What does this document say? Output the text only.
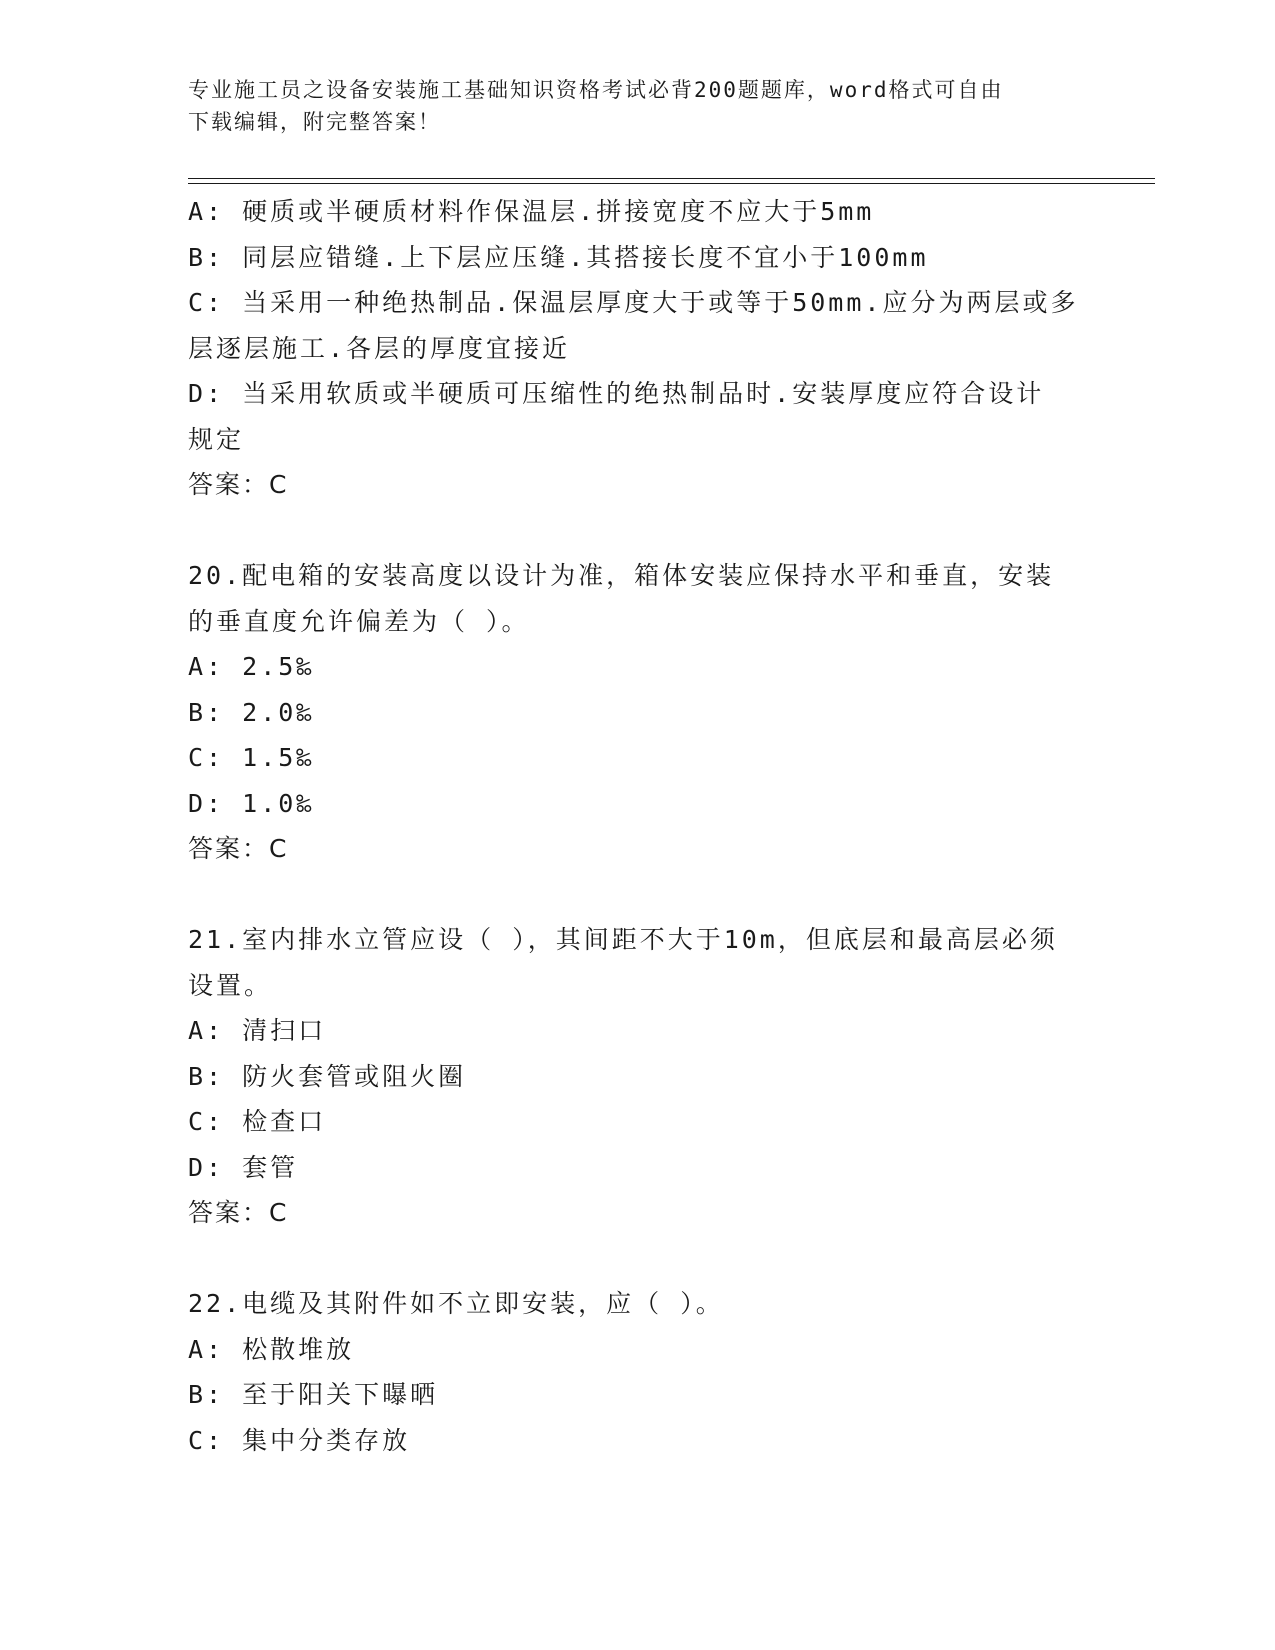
专业施工员之设备安装施工基础知识资格考试必背200题题库，word格式可自由
下载编辑，附完整答案！
A: 硬质或半硬质材料作保温层.拼接宽度不应大于5mm
B: 同层应错缝.上下层应压缝.其搭接长度不宜小于100mm
C: 当采用一种绝热制品.保温层厚度大于或等于50mm.应分为两层或多
层逐层施工.各层的厚度宜接近
D: 当采用软质或半硬质可压缩性的绝热制品时.安装厚度应符合设计
规定
答案：C
20.配电箱的安装高度以设计为准，箱体安装应保持水平和垂直，安装
的垂直度允许偏差为（ ）。
A: 2.5‰
B: 2.0‰
C: 1.5‰
D: 1.0‰
答案：C
21.室内排水立管应设（ ），其间距不大于10m，但底层和最高层必须
设置。
A: 清扫口
B: 防火套管或阻火圈
C: 检查口
D: 套管
答案：C
22.电缆及其附件如不立即安装，应（ ）。
A: 松散堆放
B: 至于阳关下曝晒
C: 集中分类存放
